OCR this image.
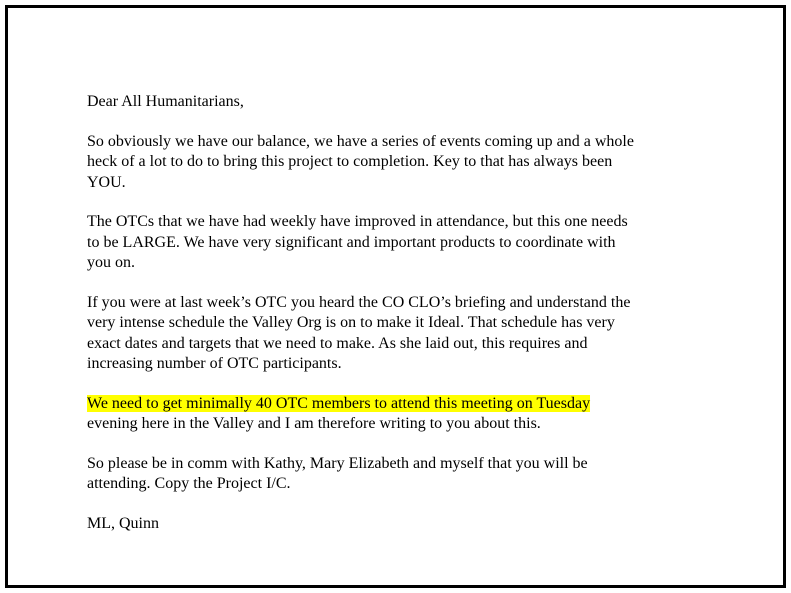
Dear All Humanitarians,

So obviously we have our balance, we have a series of events coming up and a whole
heck of a lot to do to bring this project to completion. Key to that has always been
YOU.

The OTCs that we have had weekly have improved in attendance, but this one needs
to be LARGE. We have very significant and important products to coordinate with
you on.

If you were at last week’s OTC you heard the CO CLO’s briefing and understand the
very intense schedule the Valley Org is on to make it Ideal. That schedule has very
exact dates and targets that we need to make. As she laid out, this requires and
increasing number of OTC participants.

We need to get minimally 40 OTC members to attend this meeting on Tuesday
evening here in the Valley and I am therefore writing to you about this.

So please be in comm with Kathy, Mary Elizabeth and myself that you will be
attending. Copy the Project I/C.

ML, Quinn
